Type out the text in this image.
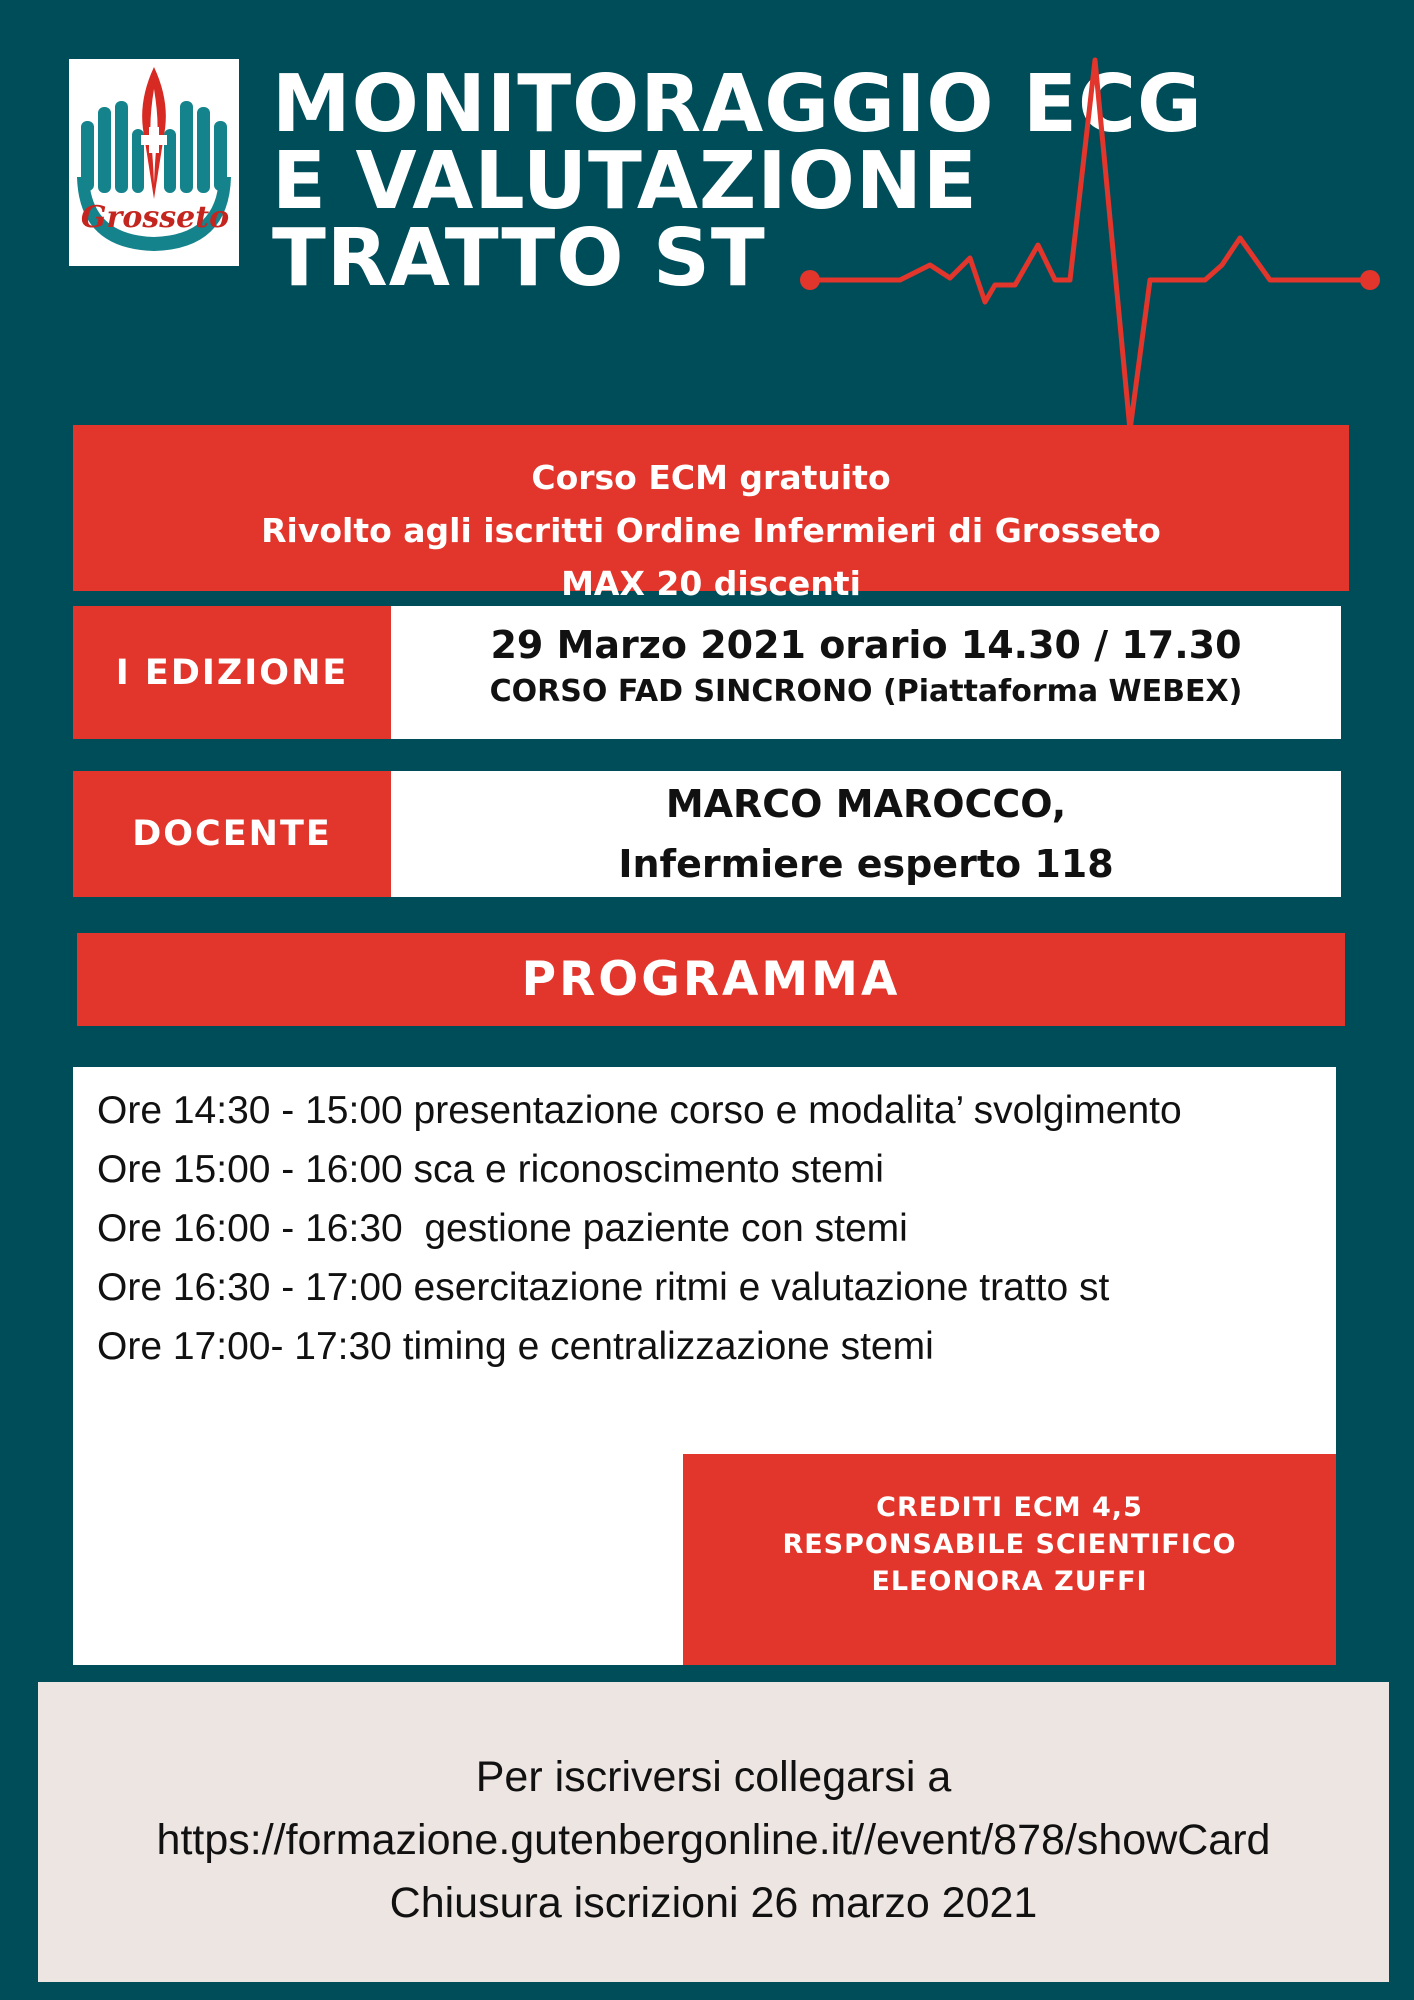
Grosseto
MONITORAGGIO ECG
E VALUTAZIONE
TRATTO ST
Corso ECM gratuito
Rivolto agli iscritti Ordine Infermieri di Grosseto
MAX 20 discenti
I EDIZIONE
29 Marzo 2021 orario 14.30 / 17.30
CORSO FAD SINCRONO (Piattaforma WEBEX)
DOCENTE
MARCO MAROCCO,
Infermiere esperto 118
PROGRAMMA
Ore 14:30 - 15:00 presentazione corso e modalita’ svolgimento
Ore 15:00 - 16:00 sca e riconoscimento stemi
Ore 16:00 - 16:30  gestione paziente con stemi
Ore 16:30 - 17:00 esercitazione ritmi e valutazione tratto st
Ore 17:00- 17:30 timing e centralizzazione stemi
CREDITI ECM 4,5
RESPONSABILE SCIENTIFICO
ELEONORA ZUFFI
Per iscriversi collegarsi a
https://formazione.gutenbergonline.it//event/878/showCard
Chiusura iscrizioni 26 marzo 2021
